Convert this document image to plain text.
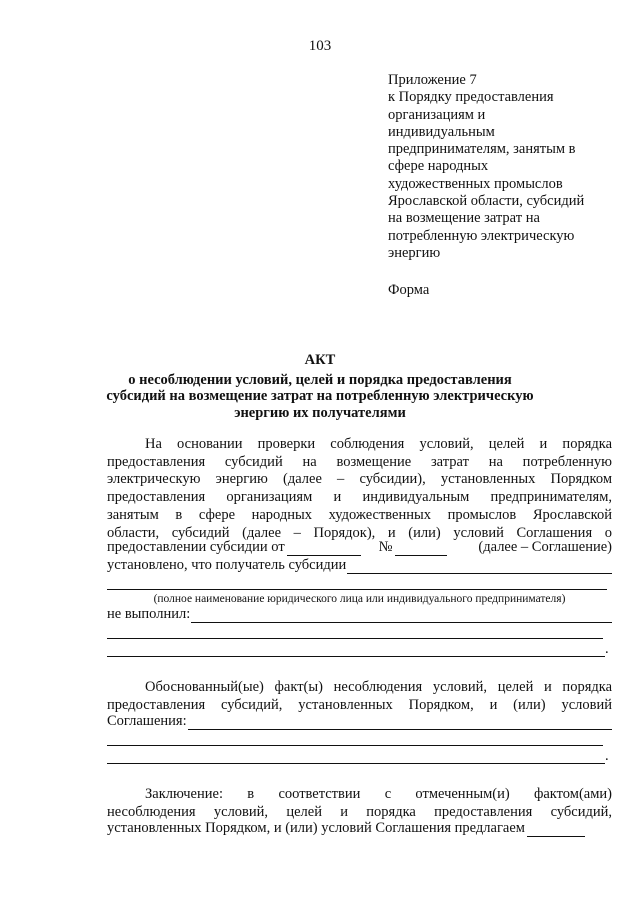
103
Приложение 7
к Порядку предоставления
организациям и
индивидуальным
предпринимателям, занятым в
сфере народных
художественных промыслов
Ярославской области, субсидий
на возмещение затрат на
потребленную электрическую
энергию
Форма
АКТ
о несоблюдении условий, целей и порядка предоставления субсидий на возмещение затрат на потребленную электрическую энергию их получателями
На основании проверки соблюдения условий, целей и порядка
предоставления субсидий на возмещение затрат на потребленную
электрическую энергию (далее – субсидии), установленных Порядком
предоставления организациям и индивидуальным предпринимателям,
занятым в сфере народных художественных промыслов Ярославской
области, субсидий (далее – Порядок), и (или) условий Соглашения о
предоставлении субсидии от	№	(далее – Соглашение)
установлено, что получатель субсидии
(полное наименование юридического лица или индивидуального предпринимателя)
не выполнил:
.
Обоснованный(ые) факт(ы) несоблюдения условий, целей и порядка
предоставления субсидий, установленных Порядком, и (или) условий
Соглашения:
.
Заключение: в соответствии с отмеченным(и) фактом(ами)
несоблюдения условий, целей и порядка предоставления субсидий,
установленных Порядком, и (или) условий Соглашения предлагаем
